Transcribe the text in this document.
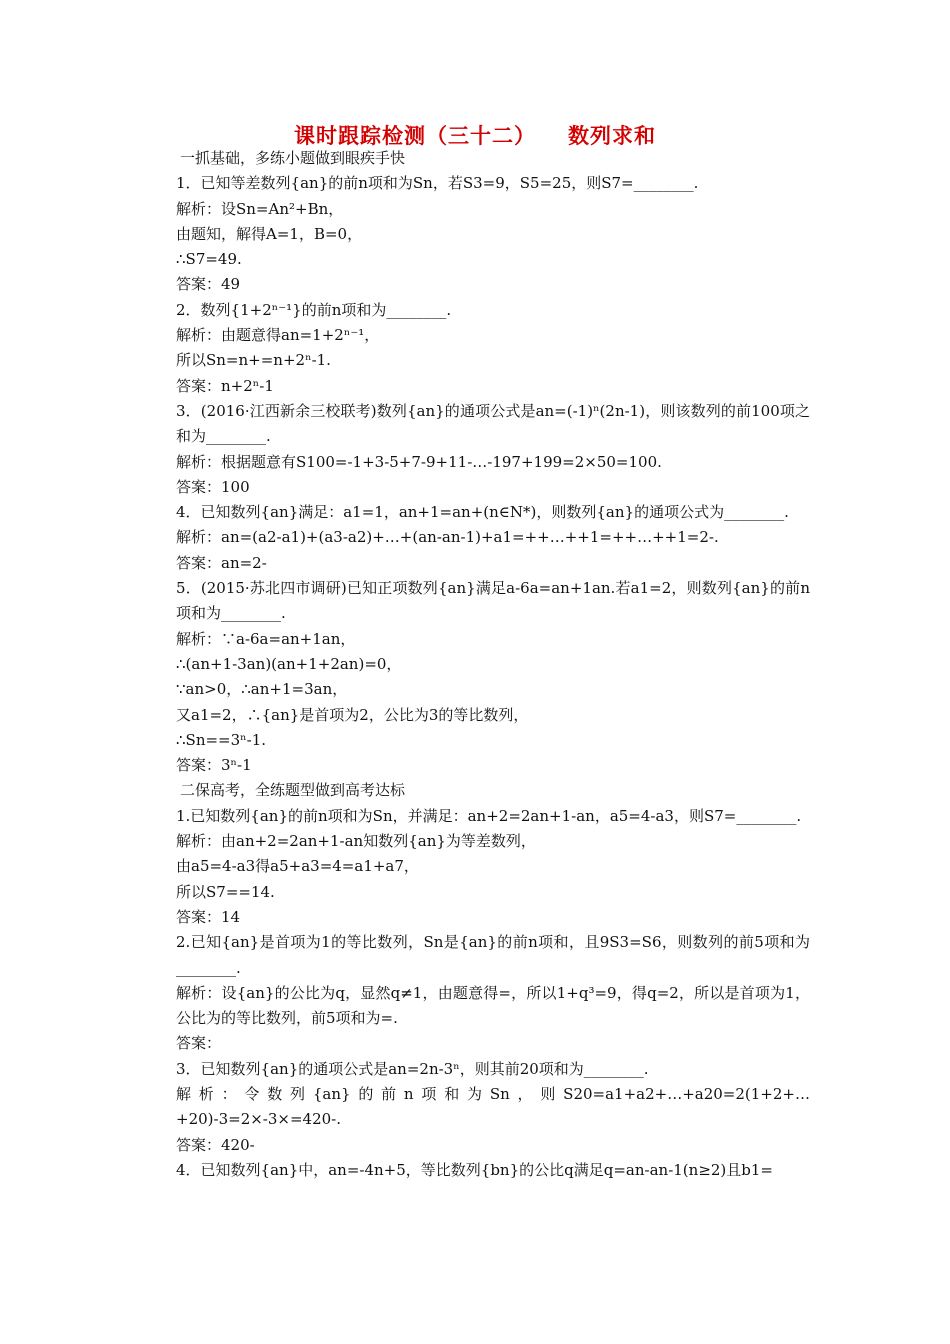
课时跟踪检测（三十二） 数列求和
一抓基础，多练小题做到眼疾手快
1．已知等差数列{an}的前n项和为Sn，若S3=9，S5=25，则S7=________.
解析：设Sn=An²+Bn，
由题知，解得A=1，B=0，
∴S7=49.
答案：49
2．数列{1+2ⁿ⁻¹}的前n项和为________.
解析：由题意得an=1+2ⁿ⁻¹，
所以Sn=n+=n+2ⁿ-1.
答案：n+2ⁿ-1
3．(2016·江西新余三校联考)数列{an}的通项公式是an=(-1)ⁿ(2n-1)，则该数列的前100项之和为________.
解析：根据题意有S100=-1+3-5+7-9+11-…-197+199=2×50=100.
答案：100
4．已知数列{an}满足：a1=1，an+1=an+(n∈N*)，则数列{an}的通项公式为________.
解析：an=(a2-a1)+(a3-a2)+…+(an-an-1)+a1=++…++1=++…++1=2-.
答案：an=2-
5．(2015·苏北四市调研)已知正项数列{an}满足a-6a=an+1an.若a1=2，则数列{an}的前n项和为________.
解析：∵a-6a=an+1an，
∴(an+1-3an)(an+1+2an)=0，
∵an>0，∴an+1=3an，
又a1=2，∴{an}是首项为2，公比为3的等比数列，
∴Sn==3ⁿ-1.
答案：3ⁿ-1
二保高考，全练题型做到高考达标
1.已知数列{an}的前n项和为Sn，并满足：an+2=2an+1-an，a5=4-a3，则S7=________.
解析：由an+2=2an+1-an知数列{an}为等差数列，
由a5=4-a3得a5+a3=4=a1+a7，
所以S7==14.
答案：14
2.已知{an}是首项为1的等比数列，Sn是{an}的前n项和，且9S3=S6，则数列的前5项和为________.
解析：设{an}的公比为q，显然q≠1，由题意得=，所以1+q³=9，得q=2，所以是首项为1，公比为的等比数列，前5项和为=.
答案：
3．已知数列{an}的通项公式是an=2n-3ⁿ，则其前20项和为________.
解析：令数列{an}的前n项和为Sn，则S20=a1+a2+…+a20=2(1+2+…+20)-3=2×-3×=420-.
答案：420-
4．已知数列{an}中，an=-4n+5，等比数列{bn}的公比q满足q=an-an-1(n≥2)且b1=
